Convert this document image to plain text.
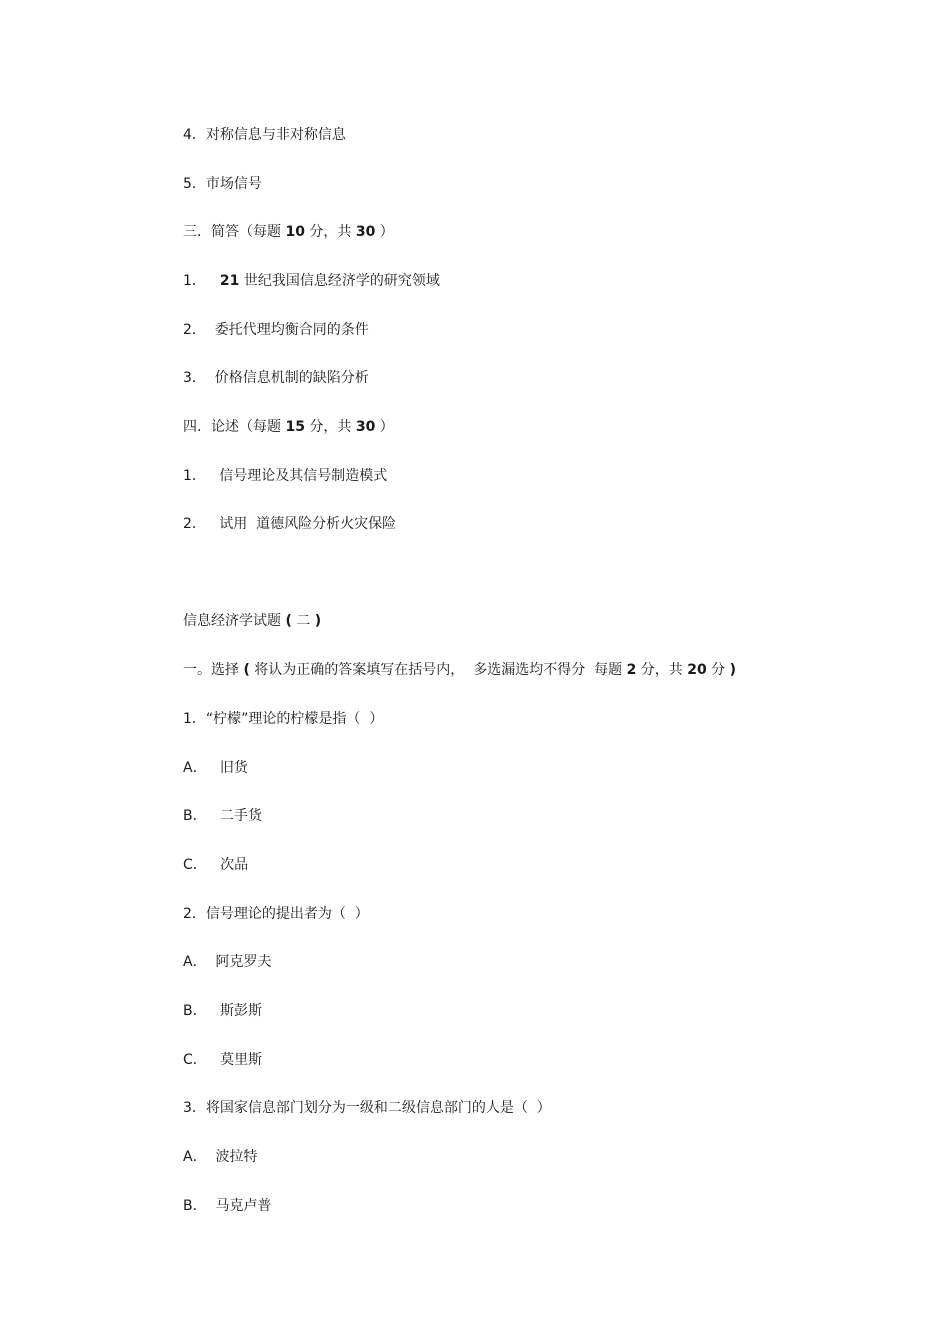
4．对称信息与非对称信息
5．市场信号
三．简答（每题 10 分，共 30 ）
1． 21 世纪我国信息经济学的研究领域
2．  委托代理均衡合同的条件
3．  价格信息机制的缺陷分析
四．论述（每题 15 分，共 30 ）
1．   信号理论及其信号制造模式
2．   试用  道德风险分析火灾保险
信息经济学试题 ( 二 )
一。选择 ( 将认为正确的答案填写在括号内，  多选漏选均不得分  每题 2 分，共 20 分 )
1．“柠檬”理论的柠檬是指（  ）
A．   旧货
B．   二手货
C．   次品
2．信号理论的提出者为（  ）
A．  阿克罗夫
B．   斯彭斯
C．   莫里斯
3．将国家信息部门划分为一级和二级信息部门的人是（  ）
A．  波拉特
B．  马克卢普
